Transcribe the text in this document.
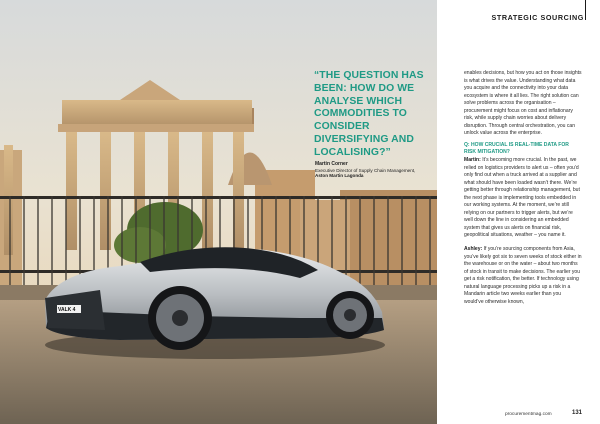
VALK 4
STRATEGIC SOURCING
“THE QUESTION HAS BEEN: HOW DO WE ANALYSE WHICH COMMODITIES TO CONSIDER DIVERSIFYING AND LOCALISING?”
Martin Corner
Executive Director of Supply Chain Management,
Aston Martin Lagonda

enables decisions, but how you act on those insights is what drives the value. Understanding what data you acquire and the connectivity into your data ecosystem is where it all lies. The right solution can solve problems across the organisation – procurement might focus on cost and inflationary risk, while supply chain worries about delivery disruption. Through central orchestration, you can unlock value across the enterprise.

Q: HOW CRUCIAL IS REAL-TIME DATA FOR RISK MITIGATION?

Martin: It’s becoming more crucial. In the past, we relied on logistics providers to alert us – often you’d only find out when a truck arrived at a supplier and what should have been loaded wasn’t there. We’re getting better through relationship management, but the next phase is implementing tools embedded in our working systems. At the moment, we’re still relying on our partners to trigger alerts, but we’re well down the line in considering an embedded system that gives us alerts on financial risk, geopolitical situations, weather – you name it.

Ashley: If you’re sourcing components from Asia, you’ve likely got six to seven weeks of stock either in the warehouse or on the water – about two months of stock in transit to make decisions. The earlier you get a risk notification, the better. If technology using natural language processing picks up a risk in a Mandarin article two weeks earlier than you would’ve otherwise known,

procurementmag.com	131
